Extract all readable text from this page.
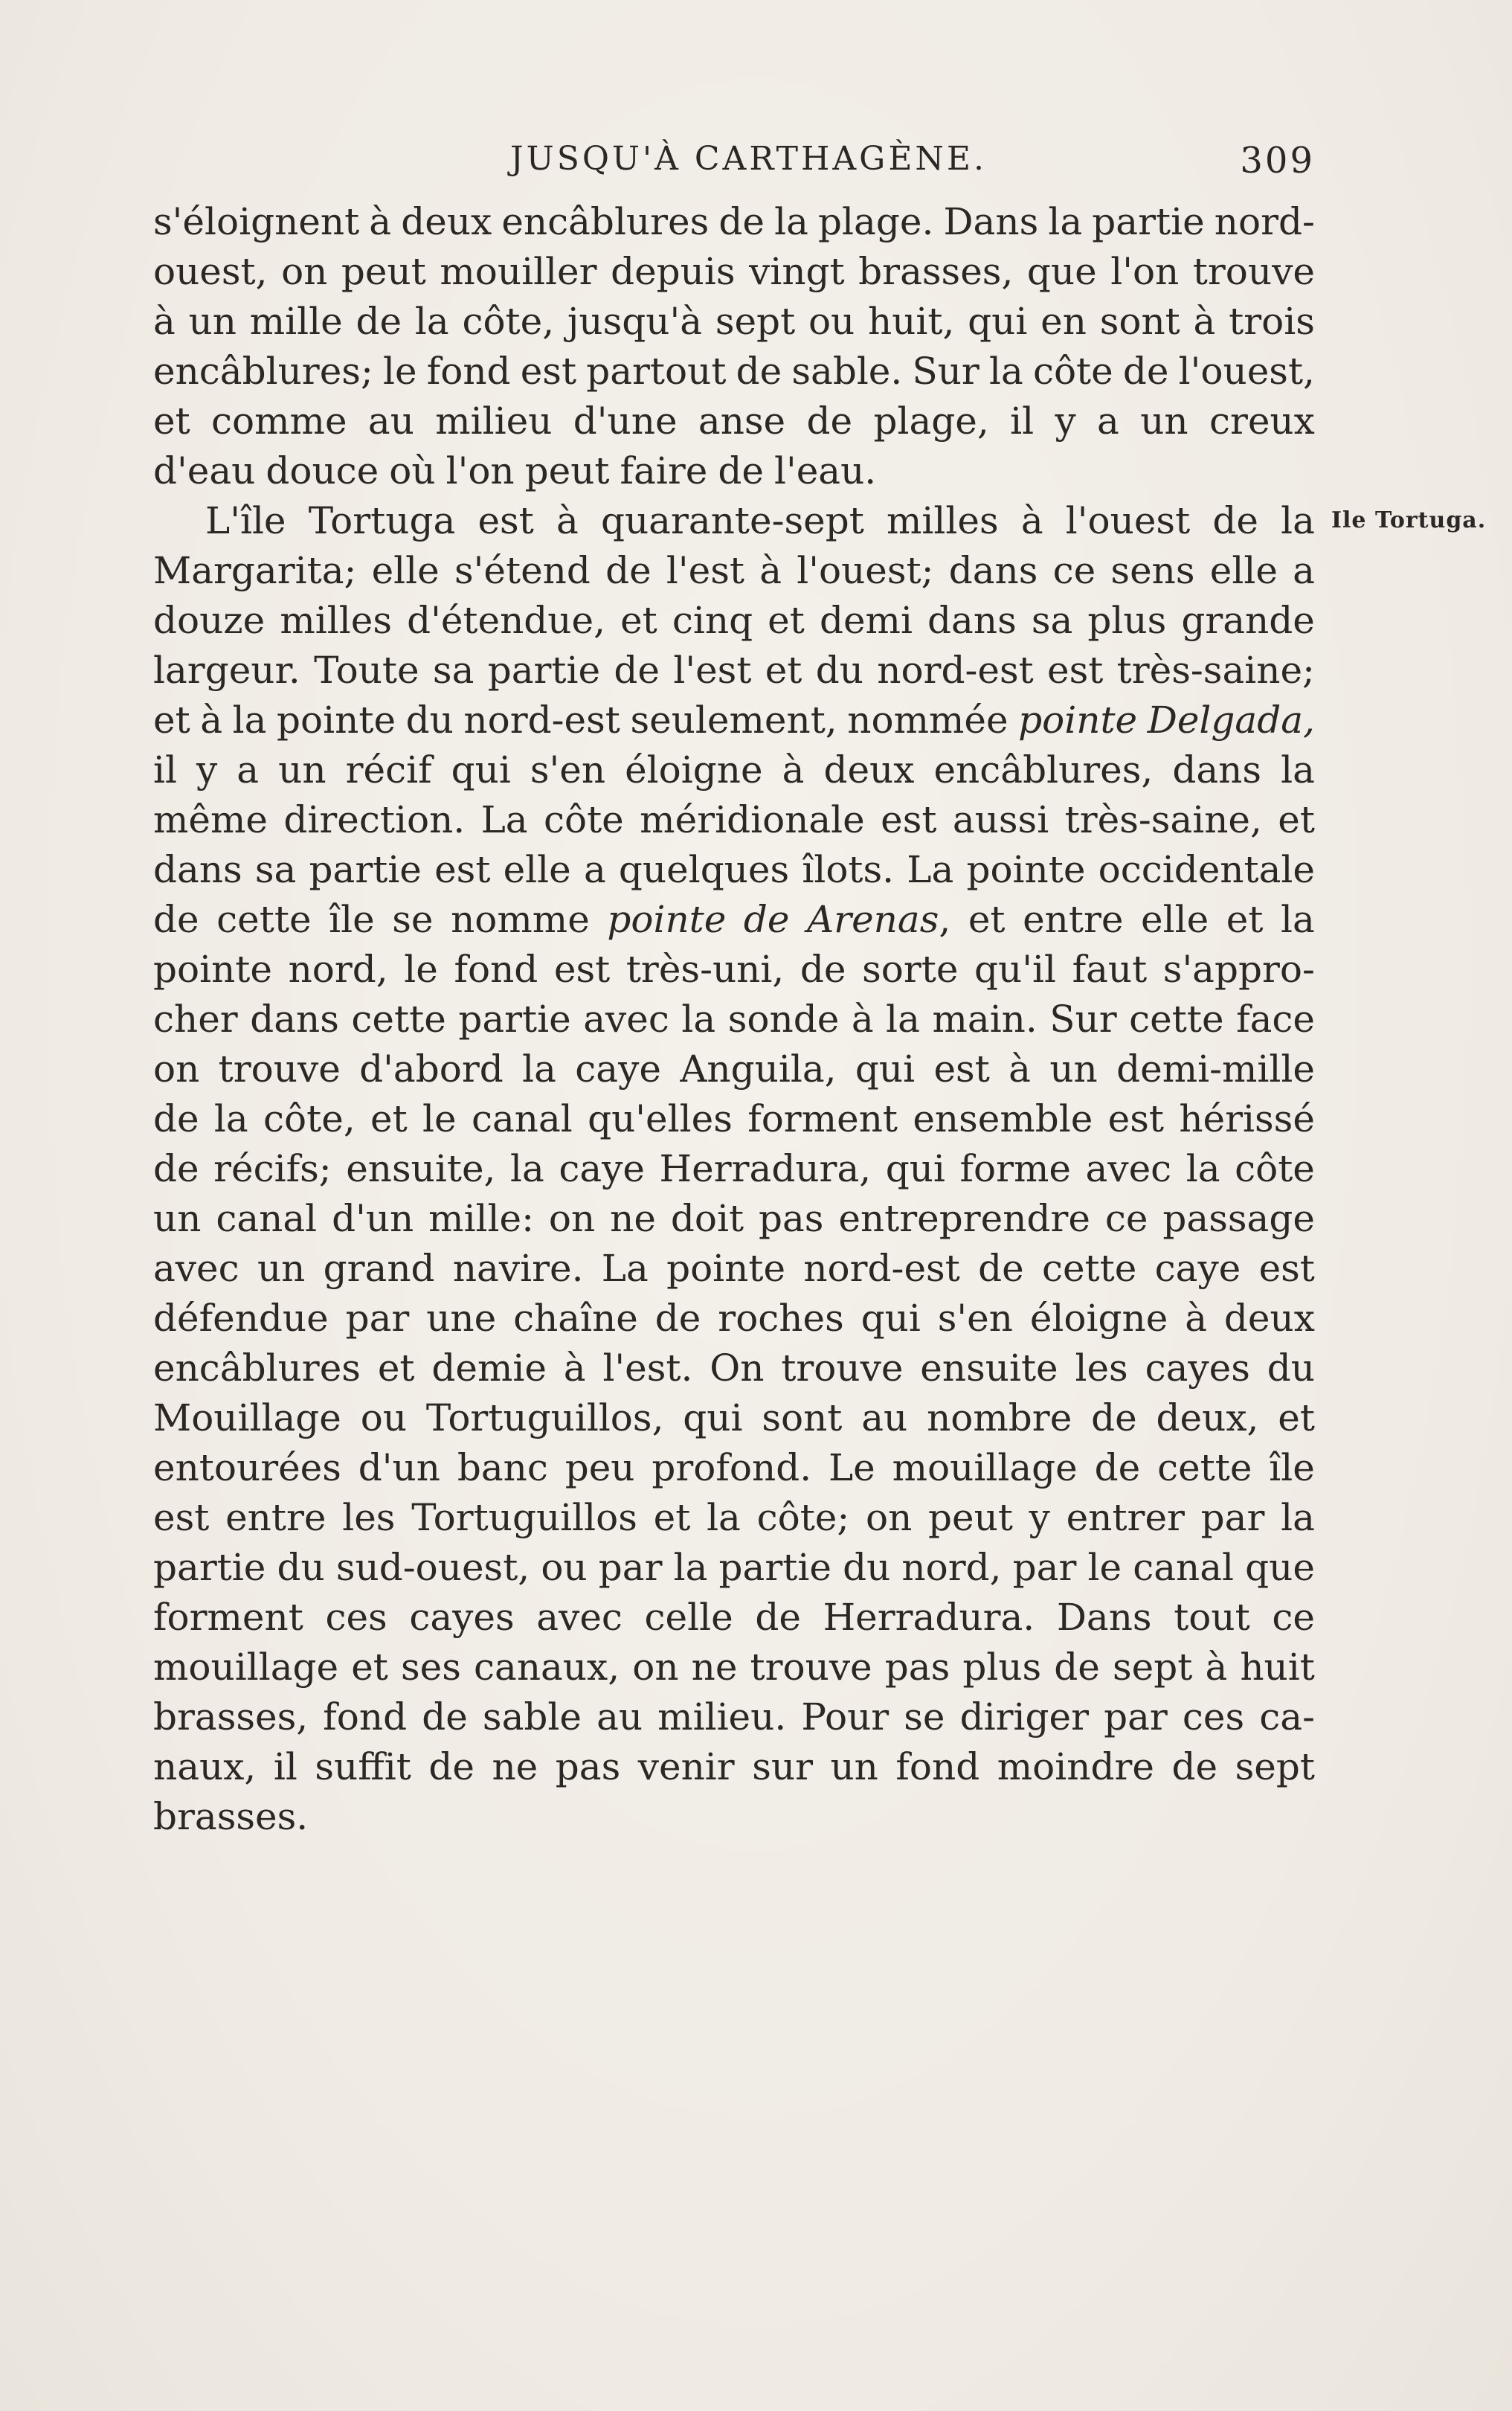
JUSQU'À CARTHAGÈNE.	309
Ile Tortuga.
s'éloignent à deux encâblures de la plage. Dans la partie nord-
ouest, on peut mouiller depuis vingt brasses, que l'on trouve
à un mille de la côte, jusqu'à sept ou huit, qui en sont à trois
encâblures; le fond est partout de sable. Sur la côte de l'ouest,
et comme au milieu d'une anse de plage, il y a un creux
d'eau douce où l'on peut faire de l'eau.
L'île Tortuga est à quarante-sept milles à l'ouest de la
Margarita; elle s'étend de l'est à l'ouest; dans ce sens elle a
douze milles d'étendue, et cinq et demi dans sa plus grande
largeur. Toute sa partie de l'est et du nord-est est très-saine;
et à la pointe du nord-est seulement, nommée pointe Delgada,
il y a un récif qui s'en éloigne à deux encâblures, dans la
même direction. La côte méridionale est aussi très-saine, et
dans sa partie est elle a quelques îlots. La pointe occidentale
de cette île se nomme pointe de Arenas, et entre elle et la
pointe nord, le fond est très-uni, de sorte qu'il faut s'appro-
cher dans cette partie avec la sonde à la main. Sur cette face
on trouve d'abord la caye Anguila, qui est à un demi-mille
de la côte, et le canal qu'elles forment ensemble est hérissé
de récifs; ensuite, la caye Herradura, qui forme avec la côte
un canal d'un mille: on ne doit pas entreprendre ce passage
avec un grand navire. La pointe nord-est de cette caye est
défendue par une chaîne de roches qui s'en éloigne à deux
encâblures et demie à l'est. On trouve ensuite les cayes du
Mouillage ou Tortuguillos, qui sont au nombre de deux, et
entourées d'un banc peu profond. Le mouillage de cette île
est entre les Tortuguillos et la côte; on peut y entrer par la
partie du sud-ouest, ou par la partie du nord, par le canal que
forment ces cayes avec celle de Herradura. Dans tout ce
mouillage et ses canaux, on ne trouve pas plus de sept à huit
brasses, fond de sable au milieu. Pour se diriger par ces ca-
naux, il suffit de ne pas venir sur un fond moindre de sept
brasses.
